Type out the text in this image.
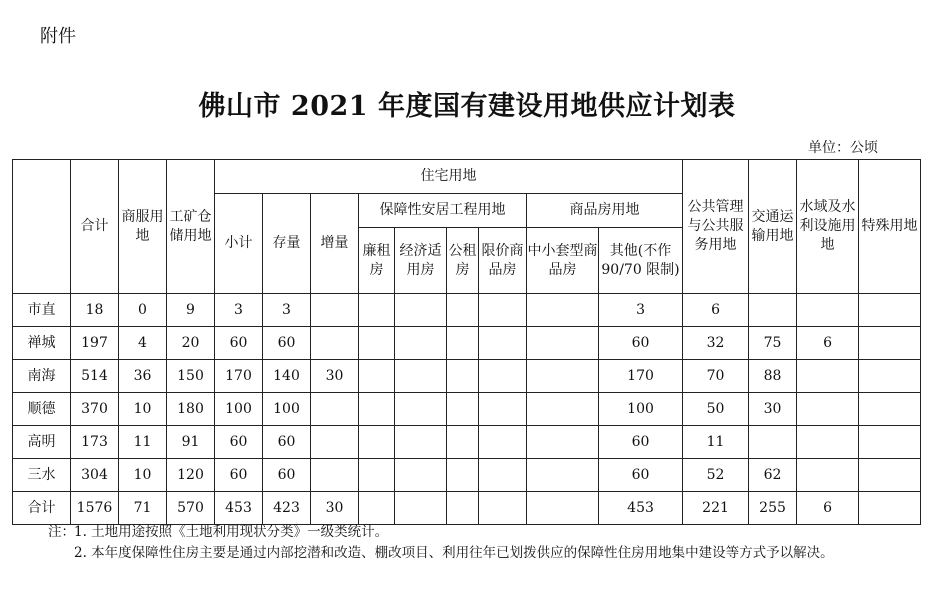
附件
佛山市 2021 年度国有建设用地供应计划表
单位：公顷
	合计	商服用地	工矿仓储用地	住宅用地									公共管理与公共服务用地	交通运输用地	水域及水利设施用地	特殊用地
				小计	存量	增量	保障性安居工程用地				商品房用地					
							廉租房	经济适用房	公租房	限价商品房	中小套型商品房	其他(不作 90/70 限制)				
市直	18	0	9	3	3							3	6			
禅城	197	4	20	60	60							60	32	75	6	
南海	514	36	150	170	140	30						170	70	88		
顺德	370	10	180	100	100							100	50	30		
高明	173	11	91	60	60							60	11			
三水	304	10	120	60	60							60	52	62		
合计	1576	71	570	453	423	30						453	221	255	6	
注：1. 土地用途按照《土地利用现状分类》一级类统计。
2. 本年度保障性住房主要是通过内部挖潜和改造、棚改项目、利用往年已划拨供应的保障性住房用地集中建设等方式予以解决。
